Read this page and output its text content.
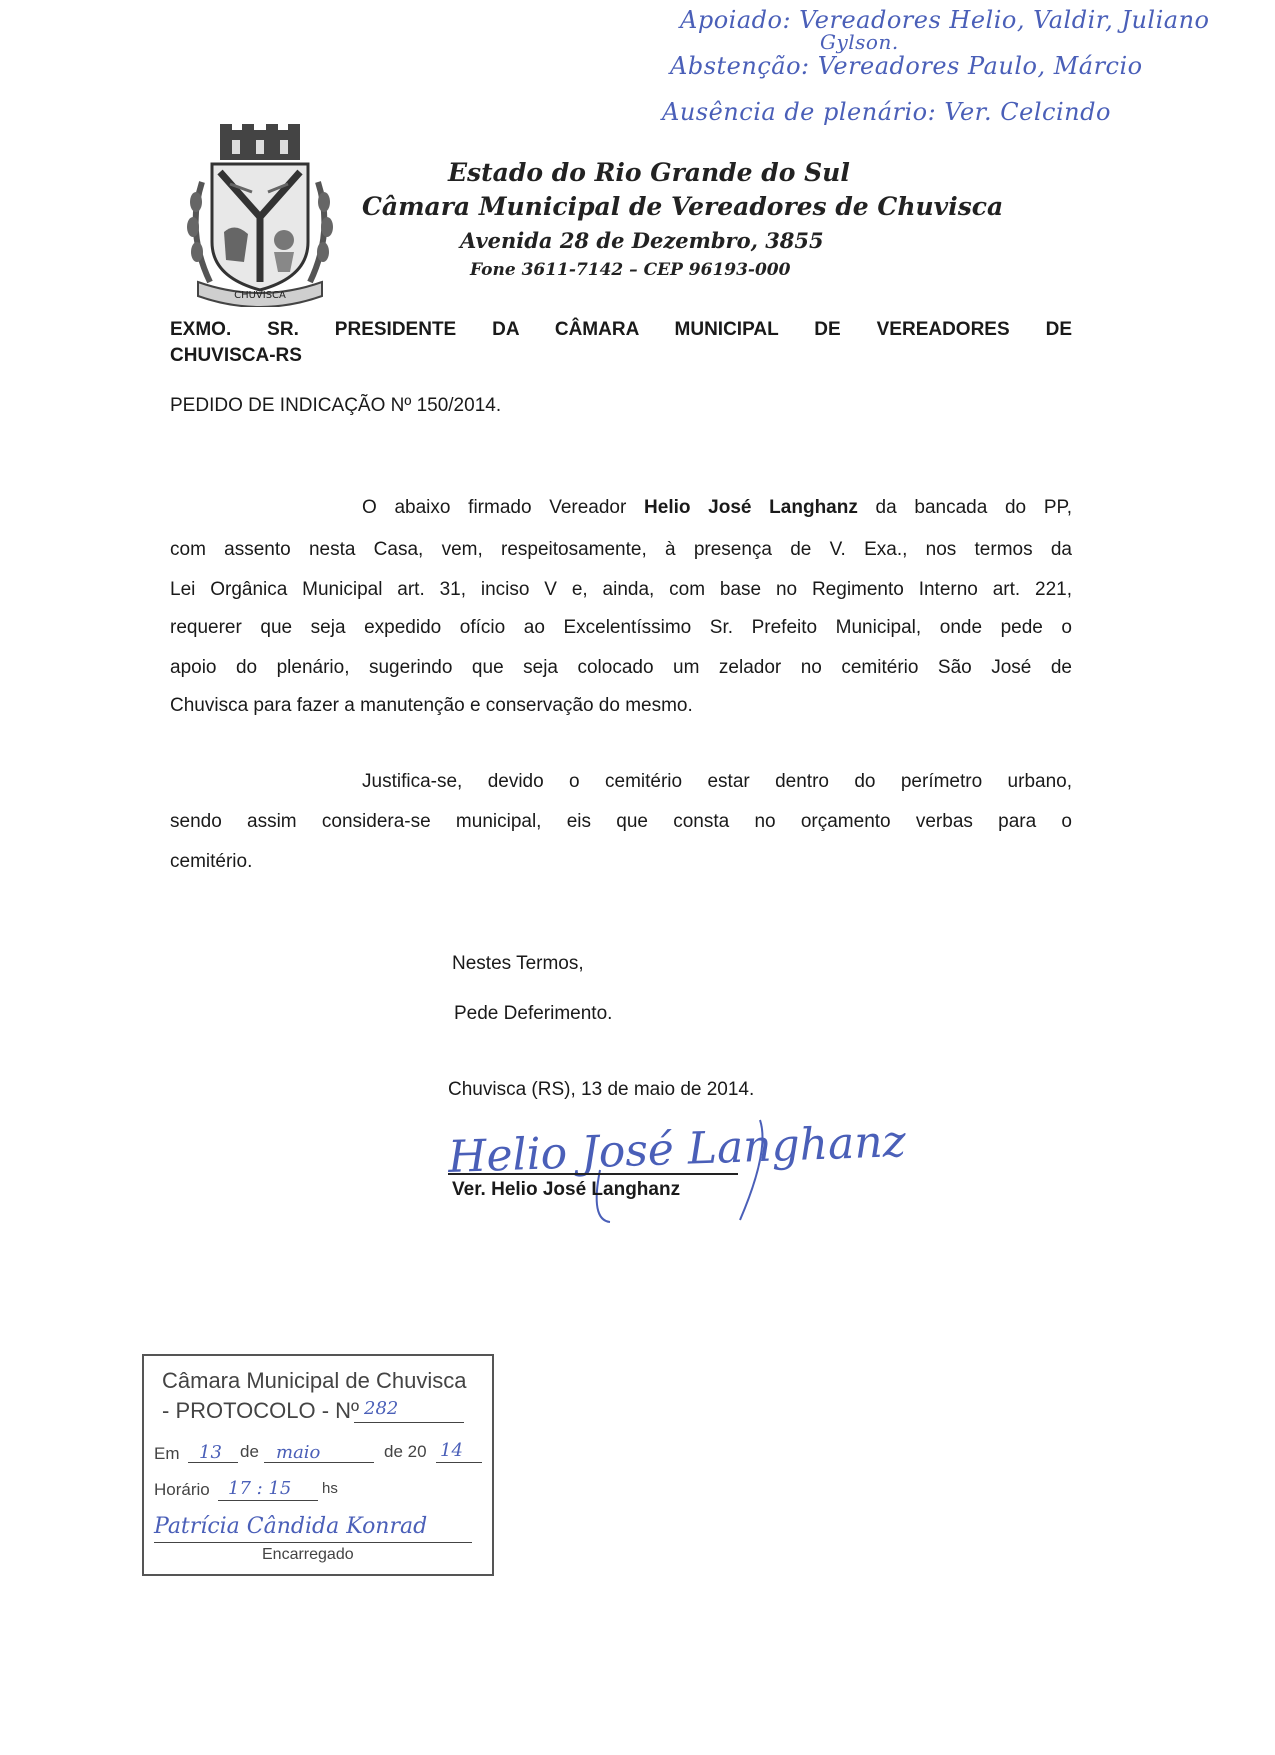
Apoiado: Vereadores Helio, Valdir, Juliano
Gylson.
Abstenção: Vereadores Paulo, Márcio
Ausência de plenário: Ver. Celcindo
CHUVISCA
Estado do Rio Grande do Sul
Câmara Municipal de Vereadores de Chuvisca
Avenida 28 de Dezembro, 3855
Fone 3611-7142 – CEP 96193-000
EXMO. SR. PRESIDENTE DA CÂMARA MUNICIPAL DE VEREADORES DE
CHUVISCA-RS
PEDIDO DE INDICAÇÃO Nº 150/2014.
O abaixo firmado Vereador Helio José Langhanz da bancada do PP,
com assento nesta Casa, vem, respeitosamente, à presença de V. Exa., nos termos da
Lei Orgânica Municipal art. 31, inciso V e, ainda, com base no Regimento Interno art. 221,
requerer que seja expedido ofício ao Excelentíssimo Sr. Prefeito Municipal, onde pede o
apoio do plenário, sugerindo que seja colocado um zelador no cemitério São José de
Chuvisca para fazer a manutenção e conservação do mesmo.
Justifica-se, devido o cemitério estar dentro do perímetro urbano,
sendo assim considera-se municipal, eis que consta no orçamento verbas para o
cemitério.
Nestes Termos,
Pede Deferimento.
Chuvisca (RS), 13 de maio de 2014.
Helio José Langhanz
Ver. Helio José Langhanz
Câmara Municipal de Chuvisca
- PROTOCOLO - Nº 282
Em 13 de maio	de 20 14
Horário 17 : 15 hs
Patrícia Cândida Konrad
Encarregado
